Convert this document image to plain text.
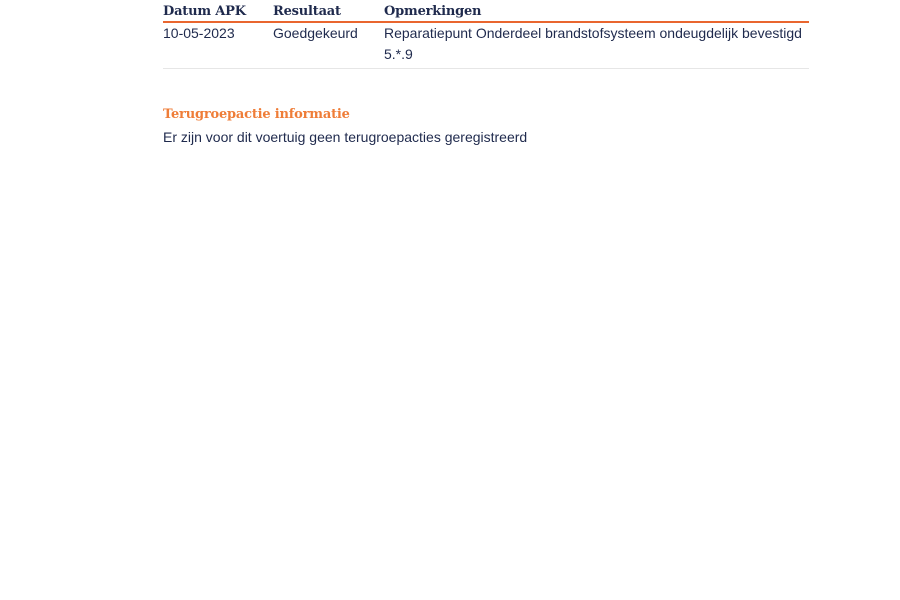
Datum APK	Resultaat	Opmerkingen
10-05-2023	Goedgekeurd	Reparatiepunt Onderdeel brandstofsysteem ondeugdelijk bevestigd 5.*.9
Terugroepactie informatie

Er zijn voor dit voertuig geen terugroepacties geregistreerd
